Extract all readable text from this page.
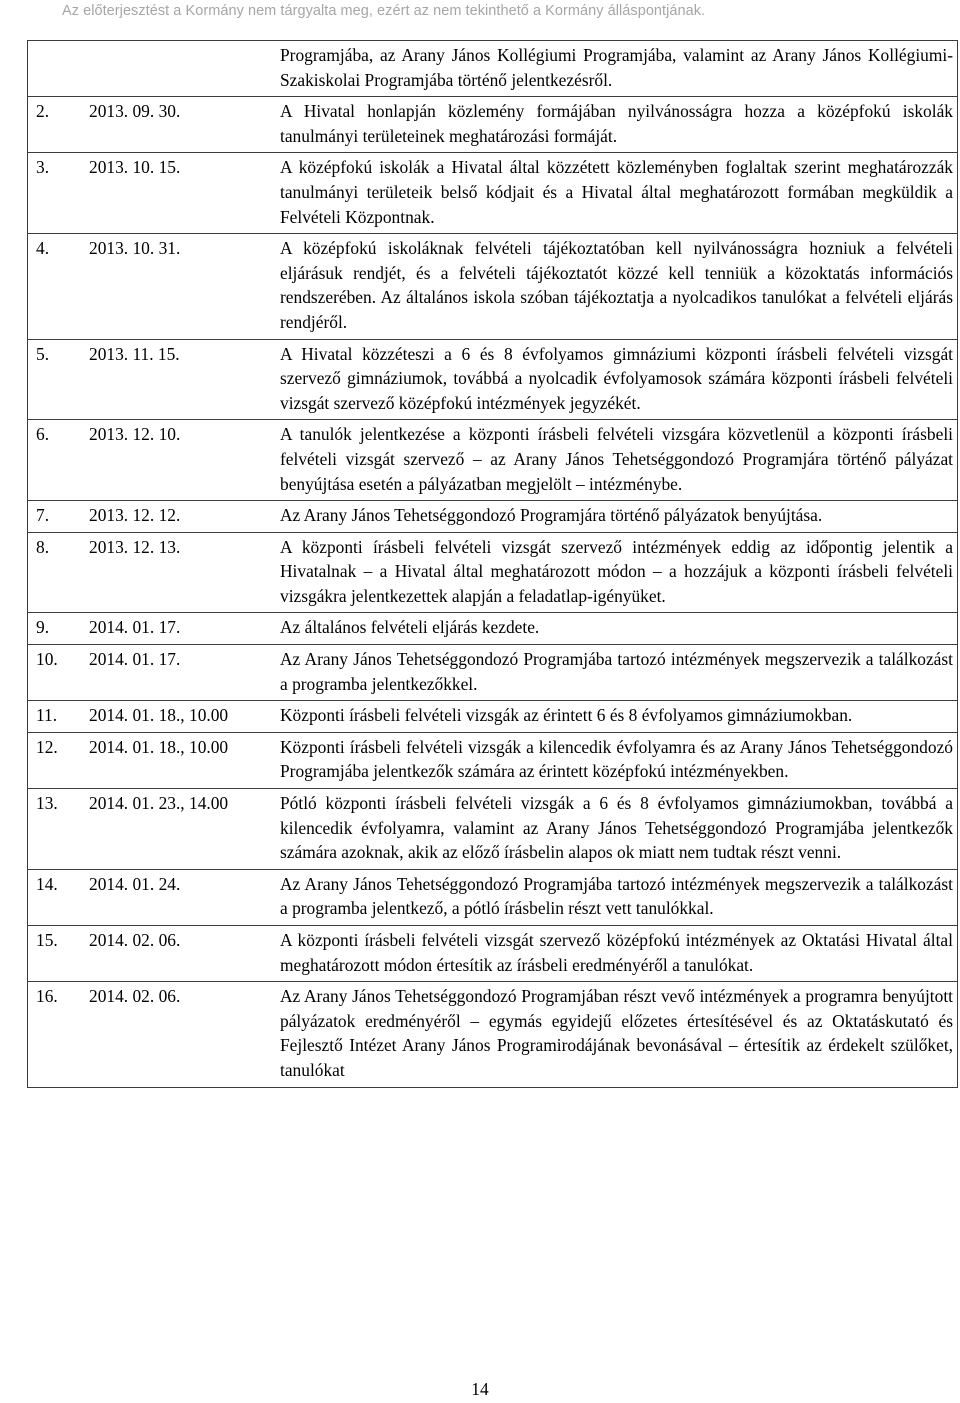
Az előterjesztést a Kormány nem tárgyalta meg, ezért az nem tekinthető a Kormány álláspontjának.
		Programjába, az Arany János Kollégiumi Programjába, valamint az Arany János Kollégiumi-Szakiskolai Programjába történő jelentkezésről.
2.	2013. 09. 30.	A Hivatal honlapján közlemény formájában nyilvánosságra hozza a középfokú iskolák tanulmányi területeinek meghatározási formáját.
3.	2013. 10. 15.	A középfokú iskolák a Hivatal által közzétett közleményben foglaltak szerint meghatározzák tanulmányi területeik belső kódjait és a Hivatal által meghatározott formában megküldik a Felvételi Központnak.
4.	2013. 10. 31.	A középfokú iskoláknak felvételi tájékoztatóban kell nyilvánosságra hozniuk a felvételi eljárásuk rendjét, és a felvételi tájékoztatót közzé kell tenniük a közoktatás információs rendszerében. Az általános iskola szóban tájékoztatja a nyolcadikos tanulókat a felvételi eljárás rendjéről.
5.	2013. 11. 15.	A Hivatal közzéteszi a 6 és 8 évfolyamos gimnáziumi központi írásbeli felvételi vizsgát szervező gimnáziumok, továbbá a nyolcadik évfolyamosok számára központi írásbeli felvételi vizsgát szervező középfokú intézmények jegyzékét.
6.	2013. 12. 10.	A tanulók jelentkezése a központi írásbeli felvételi vizsgára közvetlenül a központi írásbeli felvételi vizsgát szervező – az Arany János Tehetséggondozó Programjára történő pályázat benyújtása esetén a pályázatban megjelölt – intézménybe.
7.	2013. 12. 12.	Az Arany János Tehetséggondozó Programjára történő pályázatok benyújtása.
8.	2013. 12. 13.	A központi írásbeli felvételi vizsgát szervező intézmények eddig az időpontig jelentik a Hivatalnak – a Hivatal által meghatározott módon – a hozzájuk a központi írásbeli felvételi vizsgákra jelentkezettek alapján a feladatlap-igényüket.
9.	2014. 01. 17.	Az általános felvételi eljárás kezdete.
10.	2014. 01. 17.	Az Arany János Tehetséggondozó Programjába tartozó intézmények megszervezik a találkozást a programba jelentkezőkkel.
11.	2014. 01. 18., 10.00	Központi írásbeli felvételi vizsgák az érintett 6 és 8 évfolyamos gimnáziumokban.
12.	2014. 01. 18., 10.00	Központi írásbeli felvételi vizsgák a kilencedik évfolyamra és az Arany János Tehetséggondozó Programjába jelentkezők számára az érintett középfokú intézményekben.
13.	2014. 01. 23., 14.00	Pótló központi írásbeli felvételi vizsgák a 6 és 8 évfolyamos gimnáziumokban, továbbá a kilencedik évfolyamra, valamint az Arany János Tehetséggondozó Programjába jelentkezők számára azoknak, akik az előző írásbelin alapos ok miatt nem tudtak részt venni.
14.	2014. 01. 24.	Az Arany János Tehetséggondozó Programjába tartozó intézmények megszervezik a találkozást a programba jelentkező, a pótló írásbelin részt vett tanulókkal.
15.	2014. 02. 06.	A központi írásbeli felvételi vizsgát szervező középfokú intézmények az Oktatási Hivatal által meghatározott módon értesítik az írásbeli eredményéről a tanulókat.
16.	2014. 02. 06.	Az Arany János Tehetséggondozó Programjában részt vevő intézmények a programra benyújtott pályázatok eredményéről – egymás egyidejű előzetes értesítésével és az Oktatáskutató és Fejlesztő Intézet Arany János Programirodájának bevonásával – értesítik az érdekelt szülőket, tanulókat
14
